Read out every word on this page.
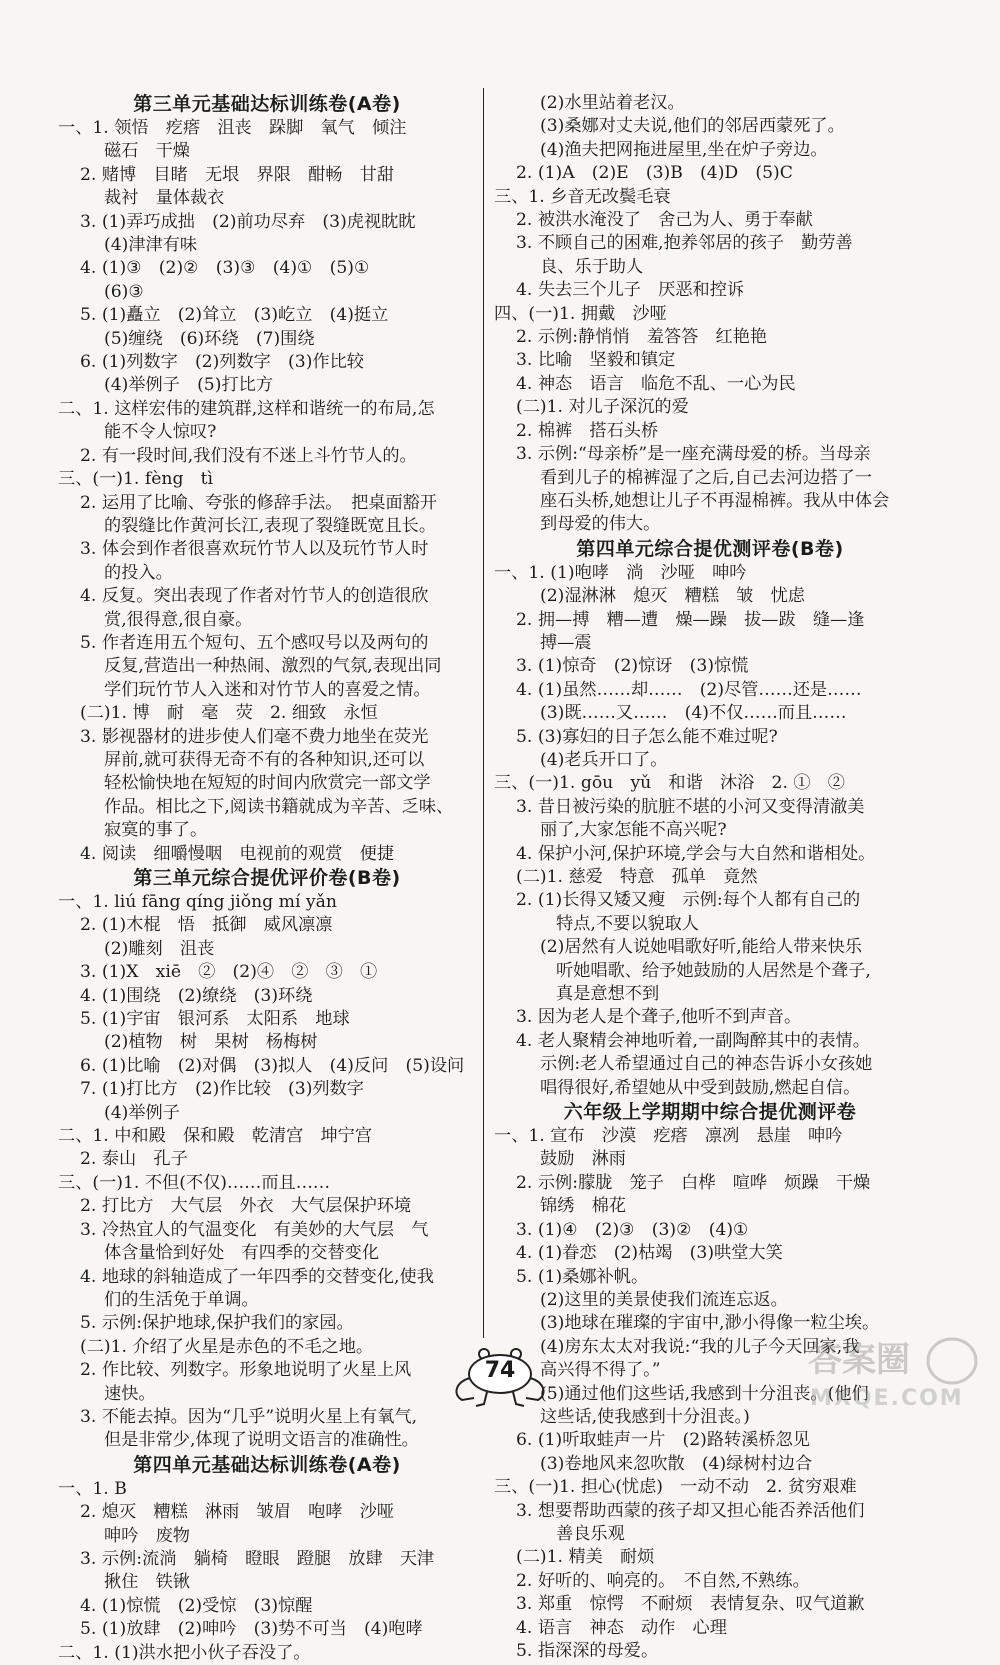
第三单元基础达标训练卷(A卷)
一、1. 领悟　疙瘩　沮丧　跺脚　氧气　倾注
磁石　干燥
2. 赌博　目睹　无垠　界限　酣畅　甘甜
裁衬　量体裁衣
3. (1)弄巧成拙　(2)前功尽弃　(3)虎视眈眈
(4)津津有味
4. (1)③　(2)②　(3)③　(4)①　(5)①
(6)③
5. (1)矗立　(2)耸立　(3)屹立　(4)挺立
(5)缠绕　(6)环绕　(7)围绕
6. (1)列数字　(2)列数字　(3)作比较
(4)举例子　(5)打比方
二、1. 这样宏伟的建筑群,这样和谐统一的布局,怎
能不令人惊叹?
2. 有一段时间,我们没有不迷上斗竹节人的。
三、(一)1. fèng　tì
2. 运用了比喻、夸张的修辞手法。　把桌面豁开
的裂缝比作黄河长江,表现了裂缝既宽且长。
3. 体会到作者很喜欢玩竹节人以及玩竹节人时
的投入。
4. 反复。突出表现了作者对竹节人的创造很欣
赏,很得意,很自豪。
5. 作者连用五个短句、五个感叹号以及两句的
反复,营造出一种热闹、激烈的气氛,表现出同
学们玩竹节人入迷和对竹节人的喜爱之情。
(二)1. 博　耐　毫　荧　2. 细致　永恒
3. 影视器材的进步使人们毫不费力地坐在荧光
屏前,就可获得无奇不有的各种知识,还可以
轻松愉快地在短短的时间内欣赏完一部文学
作品。相比之下,阅读书籍就成为辛苦、乏味、
寂寞的事了。
4. 阅读　细嚼慢咽　电视前的观赏　便捷
第三单元综合提优评价卷(B卷)
一、1. liú fāng qíng jiǒng mí yǎn
2. (1)木棍　悟　抵御　威风凛凛
(2)雕刻　沮丧
3. (1)X　xiē　②　(2)④　②　③　①
4. (1)围绕　(2)缭绕　(3)环绕
5. (1)宇宙　银河系　太阳系　地球
(2)植物　树　果树　杨梅树
6. (1)比喻　(2)对偶　(3)拟人　(4)反问　(5)设问
7. (1)打比方　(2)作比较　(3)列数字
(4)举例子
二、1. 中和殿　保和殿　乾清宫　坤宁宫
2. 泰山　孔子
三、(一)1. 不但(不仅)……而且……
2. 打比方　大气层　外衣　大气层保护环境
3. 冷热宜人的气温变化　有美妙的大气层　气
体含量恰到好处　有四季的交替变化
4. 地球的斜轴造成了一年四季的交替变化,使我
们的生活免于单调。
5. 示例:保护地球,保护我们的家园。
(二)1. 介绍了火星是赤色的不毛之地。
2. 作比较、列数字。形象地说明了火星上风
速快。
3. 不能去掉。因为“几乎”说明火星上有氧气,
但是非常少,体现了说明文语言的准确性。
第四单元基础达标训练卷(A卷)
一、1. B
2. 熄灭　糟糕　淋雨　皱眉　咆哮　沙哑
呻吟　废物
3. 示例:流淌　躺椅　瞪眼　蹬腿　放肆　天津
揪住　铁锹
4. (1)惊慌　(2)受惊　(3)惊醒
5. (1)放肆　(2)呻吟　(3)势不可当　(4)咆哮
二、1. (1)洪水把小伙子吞没了。
(2)水里站着老汉。
(3)桑娜对丈夫说,他们的邻居西蒙死了。
(4)渔夫把网拖进屋里,坐在炉子旁边。
2. (1)A　(2)E　(3)B　(4)D　(5)C
三、1. 乡音无改鬓毛衰
2. 被洪水淹没了　舍己为人、勇于奉献
3. 不顾自己的困难,抱养邻居的孩子　勤劳善
良、乐于助人
4. 失去三个儿子　厌恶和控诉
四、(一)1. 拥戴　沙哑
2. 示例:静悄悄　羞答答　红艳艳
3. 比喻　坚毅和镇定
4. 神态　语言　临危不乱、一心为民
(二)1. 对儿子深沉的爱
2. 棉裤　搭石头桥
3. 示例:“母亲桥”是一座充满母爱的桥。当母亲
看到儿子的棉裤湿了之后,自己去河边搭了一
座石头桥,她想让儿子不再湿棉裤。我从中体会
到母爱的伟大。
第四单元综合提优测评卷(B卷)
一、1. (1)咆哮　淌　沙哑　呻吟
(2)湿淋淋　熄灭　糟糕　皱　忧虑
2. 拥—搏　糟—遭　燥—躁　拔—跋　缝—逢
搏—震
3. (1)惊奇　(2)惊讶　(3)惊慌
4. (1)虽然……却……　(2)尽管……还是……
(3)既……又……　(4)不仅……而且……
5. (3)寡妇的日子怎么能不难过呢?
(4)老兵开口了。
三、(一)1. gōu　yǔ　和谐　沐浴　2. ①　②
3. 昔日被污染的肮脏不堪的小河又变得清澈美
丽了,大家怎能不高兴呢?
4. 保护小河,保护环境,学会与大自然和谐相处。
(二)1. 慈爱　特意　孤单　竟然
2. (1)长得又矮又瘦　示例:每个人都有自己的
特点,不要以貌取人
(2)居然有人说她唱歌好听,能给人带来快乐
听她唱歌、给予她鼓励的人居然是个聋子,
真是意想不到
3. 因为老人是个聋子,他听不到声音。
4. 老人聚精会神地听着,一副陶醉其中的表情。
示例:老人希望通过自己的神态告诉小女孩她
唱得很好,希望她从中受到鼓励,燃起自信。
六年级上学期期中综合提优测评卷
一、1. 宣布　沙漠　疙瘩　凛冽　悬崖　呻吟
鼓励　淋雨
2. 示例:朦胧　笼子　白桦　喧哗　烦躁　干燥
锦绣　棉花
3. (1)④　(2)③　(3)②　(4)①
4. (1)眷恋　(2)枯竭　(3)哄堂大笑
5. (1)桑娜补帆。
(2)这里的美景使我们流连忘返。
(3)地球在璀璨的宇宙中,渺小得像一粒尘埃。
(4)房东太太对我说:“我的儿子今天回家,我
高兴得不得了。”
(5)通过他们这些话,我感到十分沮丧。(他们
这些话,使我感到十分沮丧。)
6. (1)听取蛙声一片　(2)路转溪桥忽见
(3)卷地风来忽吹散　(4)绿树村边合
三、(一)1. 担心(忧虑)　一动不动　2. 贫穷艰难
3. 想要帮助西蒙的孩子却又担心能否养活他们
善良乐观
(二)1. 精美　耐烦
2. 好听的、响亮的。　不自然,不熟练。
3. 郑重　惊愕　不耐烦　表情复杂、叹气道歉
4. 语言　神态　动作　心理
5. 指深深的母爱。
74	答案圈
MXQE.COM
